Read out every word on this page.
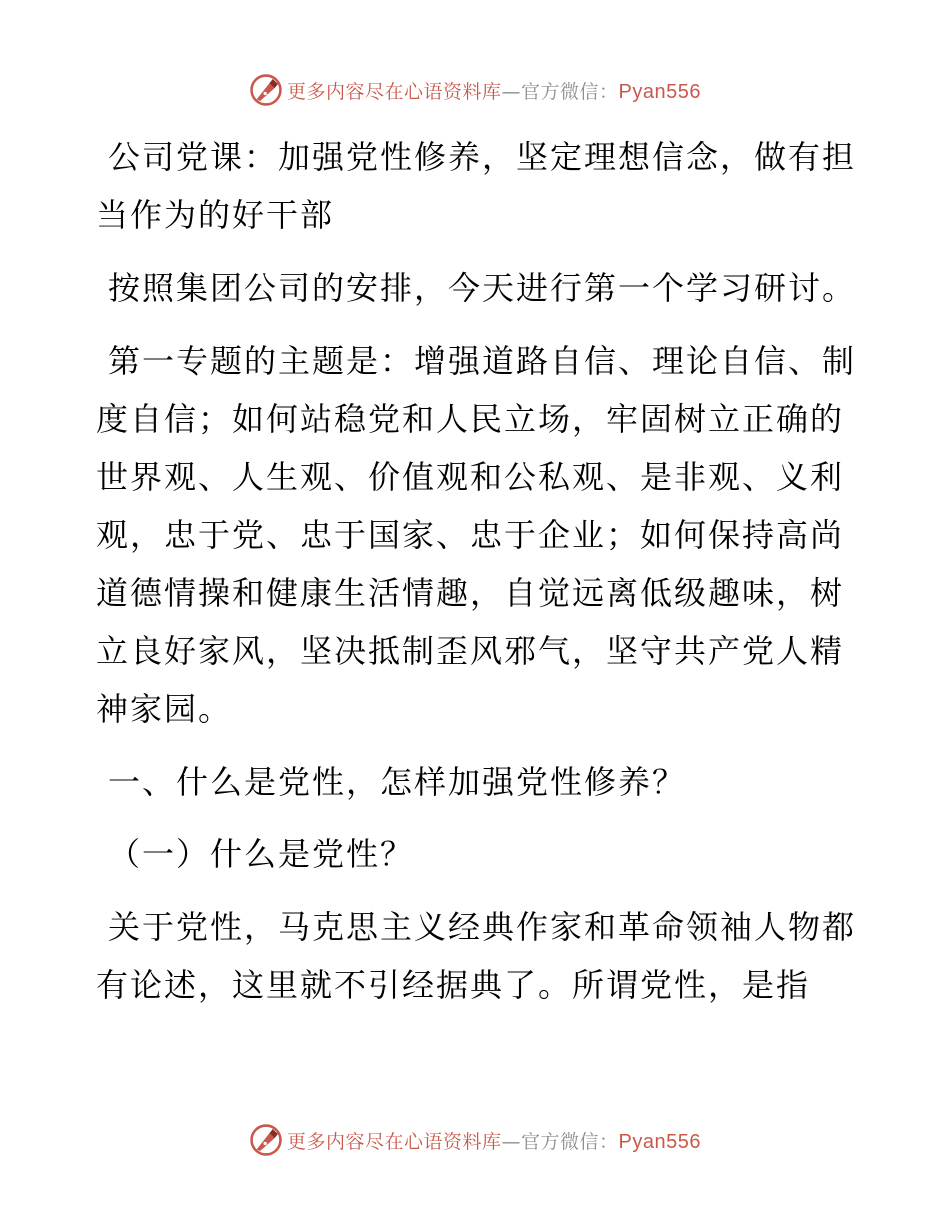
更多内容尽在心语资料库—官方微信：Pyan556

公司党课：加强党性修养，坚定理想信念，做有担当作为的好干部

按照集团公司的安排，今天进行第一个学习研讨。

第一专题的主题是：增强道路自信、理论自信、制度自信；如何站稳党和人民立场，牢固树立正确的世界观、人生观、价值观和公私观、是非观、义利观，忠于党、忠于国家、忠于企业；如何保持高尚道德情操和健康生活情趣，自觉远离低级趣味，树立良好家风，坚决抵制歪风邪气，坚守共产党人精神家园。

一、什么是党性，怎样加强党性修养？

（一）什么是党性？

关于党性，马克思主义经典作家和革命领袖人物都有论述，这里就不引经据典了。所谓党性，是指

更多内容尽在心语资料库—官方微信：Pyan556
